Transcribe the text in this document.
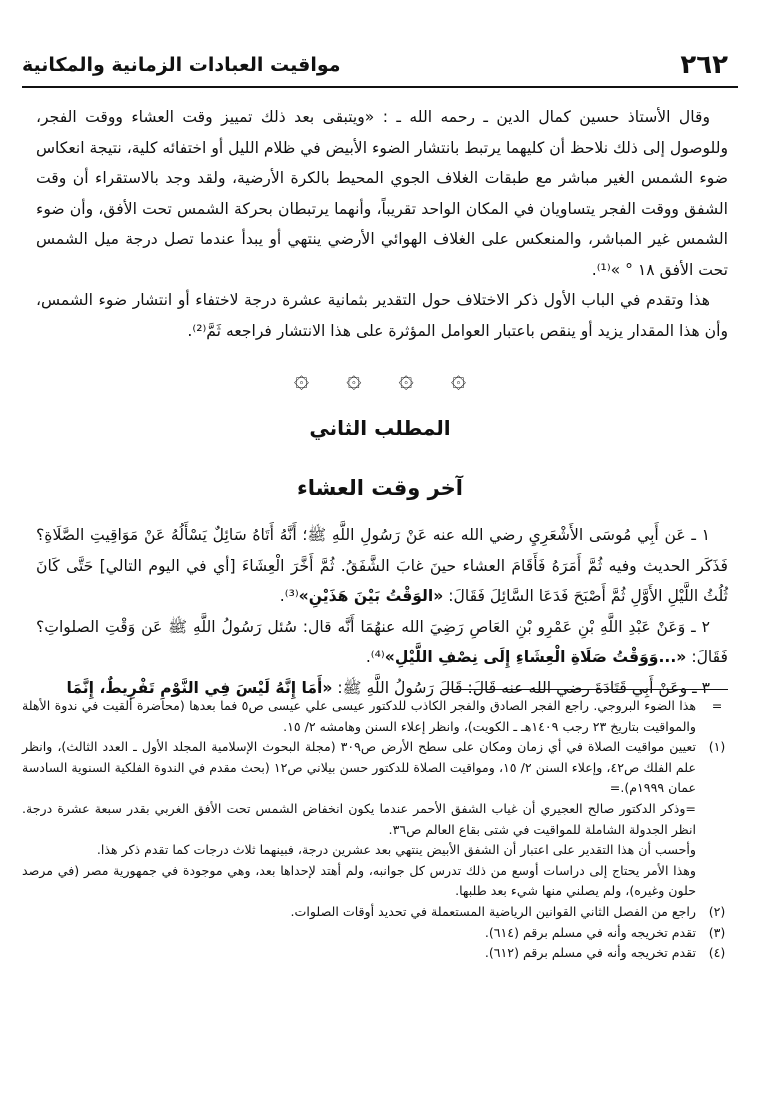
٢٦٢
مواقيت العبادات الزمانية والمكانية

وقال الأستاذ حسين كمال الدين ـ رحمه الله ـ : «ويتبقى بعد ذلك تمييز وقت العشاء ووقت الفجر، وللوصول إلى ذلك نلاحظ أن كليهما يرتبط بانتشار الضوء الأبيض في ظلام الليل أو اختفائه كلية، نتيجة انعكاس ضوء الشمس الغير مباشر مع طبقات الغلاف الجوي المحيط بالكرة الأرضية، ولقد وجد بالاستقراء أن وقت الشفق ووقت الفجر يتساويان في المكان الواحد تقريباً، وأنهما يرتبطان بحركة الشمس تحت الأفق، وأن ضوء الشمس غير المباشر، والمنعكس على الغلاف الهوائي الأرضي ينتهي أو يبدأ عندما تصل درجة ميل الشمس تحت الأفق ١٨ ° »⁽¹⁾.

هذا وتقدم في الباب الأول ذكر الاختلاف حول التقدير بثمانية عشرة درجة لاختفاء أو انتشار ضوء الشمس، وأن هذا المقدار يزيد أو ينقص باعتبار العوامل المؤثرة على هذا الانتشار فراجعه ثَمَّ⁽²⁾.

۞ ۞ ۞ ۞
المطلب الثاني
آخر وقت العشاء

١ ـ عَن أَبِي مُوسَى الأَشْعَرِيِ رضي الله عنه عَنْ رَسُولِ اللَّهِ ﷺ؛ أَنَّهُ أَتَاهُ سَائِلٌ يَسْأَلُهُ عَنْ مَوَاقِيتِ الصَّلَاةِ؟ فَذَكَر الحديث وفيه ثُمَّ أَمَرَهُ فَأَقَامَ العشاء حينَ غابَ الشَّفَقُ. ثُمَّ أَخَّرَ الْعِشَاءَ [أي في اليوم التالي] حَتَّى كَانَ ثُلُثُ اللَّيْلِ الأَوَّلِ ثُمَّ أَصْبَحَ فَدَعَا السَّائِلَ فَقَالَ: «الوَقْتُ بَيْنَ هَذَيْنِ»⁽³⁾.

٢ ـ وَعَنْ عَبْدِ اللَّهِ بْنِ عَمْرِو بْنِ العَاصِ رَضِيَ الله عنهُمَا أَنَّه قال: سُئل رَسُولُ اللَّهِ ﷺ عَن وَقْتِ الصلواتِ؟ فَقَالَ: «...وَوَقْتُ صَلَاةِ الْعِشَاءِ إِلَى نِصْفِ اللَّيْلِ»⁽⁴⁾.

٣ ـ وعَنْ أَبِي قَتَادَةَ رضي الله عنه قَالَ: قَالَ رَسُولُ اللَّهِ ﷺ: «أَمَا إِنَّهُ لَيْسَ فِي النَّوْمِ تَفْرِيطٌ، إِنَّمَا

=
هذا الضوء البروجي. راجع الفجر الصادق والفجر الكاذب للدكتور عيسى علي عيسى ص٥ فما بعدها (محاضرة ألقيت في ندوة الأهلة والمواقيت بتاريخ ٢٣ رجب ١٤٠٩هـ ـ الكويت)، وانظر إعلاء السنن وهامشه ٢/ ١٥.
(١)
تعيين مواقيت الصلاة في أي زمان ومكان على سطح الأرض ص٣٠٩ (مجلة البحوث الإسلامية المجلد الأول ـ العدد الثالث)، وانظر علم الفلك ص٤٢، وإعلاء السنن ٢/ ١٥، ومواقيت الصلاة للدكتور حسن بيلاني ص١٢ (بحث مقدم في الندوة الفلكية السنوية السادسة عمان ١٩٩٩م).=
=وذكر الدكتور صالح العجيري أن غياب الشفق الأحمر عندما يكون انخفاض الشمس تحت الأفق الغربي بقدر سبعة عشرة درجة. انظر الجدولة الشاملة للمواقيت في شتى بقاع العالم ص٣٦.
وأحسب أن هذا التقدير على اعتبار أن الشفق الأبيض ينتهي بعد عشرين درجة، فبينهما ثلاث درجات كما تقدم ذكر هذا.
وهذا الأمر يحتاج إلى دراسات أوسع من ذلك تدرس كل جوانبه، ولم أهتد لإحداها بعد، وهي موجودة في جمهورية مصر (في مرصد حلون وغيره)، ولم يصلني منها شيء بعد طلبها.
(٢)
راجع من الفصل الثاني القوانين الرياضية المستعملة في تحديد أوقات الصلوات.
(٣)
تقدم تخريجه وأنه في مسلم برقم (٦١٤).
(٤)
تقدم تخريجه وأنه في مسلم برقم (٦١٢).
